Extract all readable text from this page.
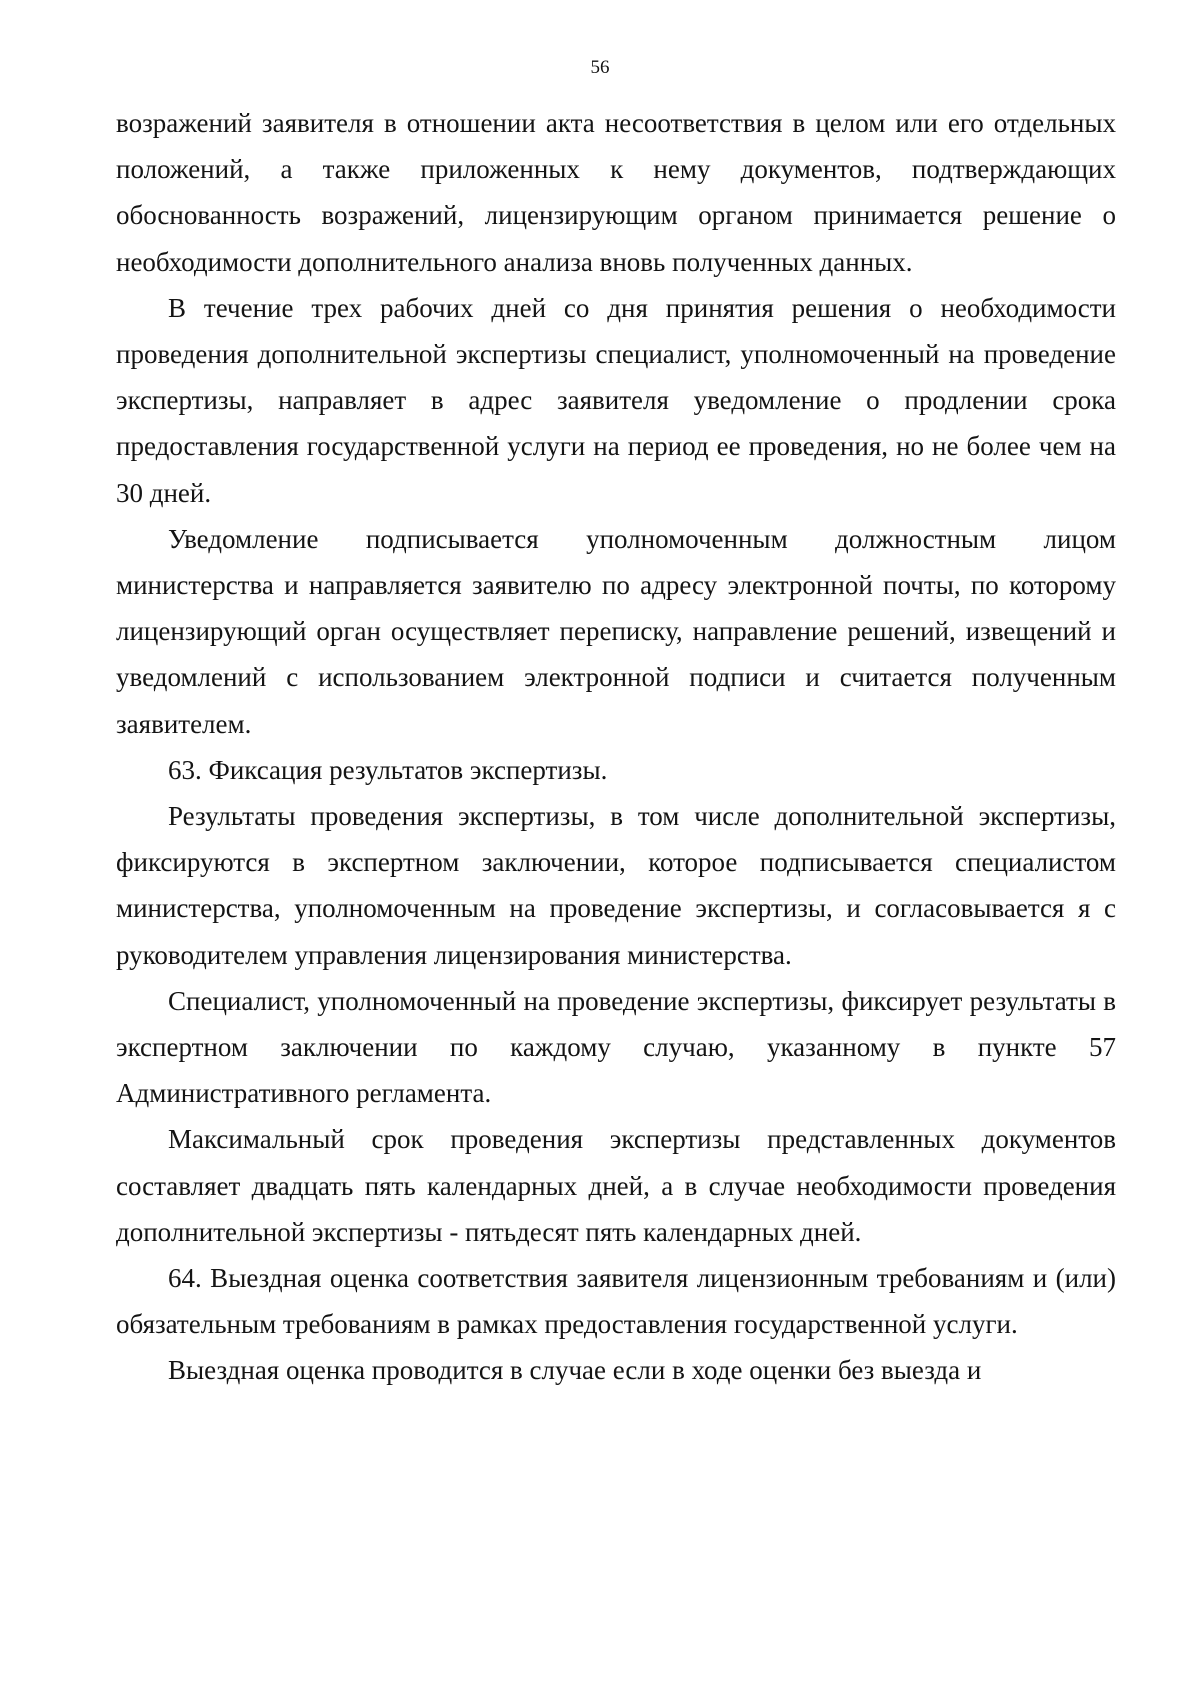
56

возражений заявителя в отношении акта несоответствия в целом или его отдельных положений, а также приложенных к нему документов, подтверждающих обоснованность возражений, лицензирующим органом принимается решение о необходимости дополнительного анализа вновь полученных данных.

В течение трех рабочих дней со дня принятия решения о необходимости проведения дополнительной экспертизы специалист, уполномоченный на проведение экспертизы, направляет в адрес заявителя уведомление о продлении срока предоставления государственной услуги на период ее проведения, но не более чем на 30 дней.

Уведомление подписывается уполномоченным должностным лицом министерства и направляется заявителю по адресу электронной почты, по которому лицензирующий орган осуществляет переписку, направление решений, извещений и уведомлений с использованием электронной подписи и считается полученным заявителем.

63. Фиксация результатов экспертизы.

Результаты проведения экспертизы, в том числе дополнительной экспертизы, фиксируются в экспертном заключении, которое подписывается специалистом министерства, уполномоченным на проведение экспертизы, и согласовывается я с руководителем управления лицензирования министерства.

Специалист, уполномоченный на проведение экспертизы, фиксирует результаты в экспертном заключении по каждому случаю, указанному в пункте 57 Административного регламента.

Максимальный срок проведения экспертизы представленных документов составляет двадцать пять календарных дней, а в случае необходимости проведения дополнительной экспертизы - пятьдесят пять календарных дней.

64. Выездная оценка соответствия заявителя лицензионным требованиям и (или) обязательным требованиям в рамках предоставления государственной услуги.

Выездная оценка проводится в случае если в ходе оценки без выезда и
